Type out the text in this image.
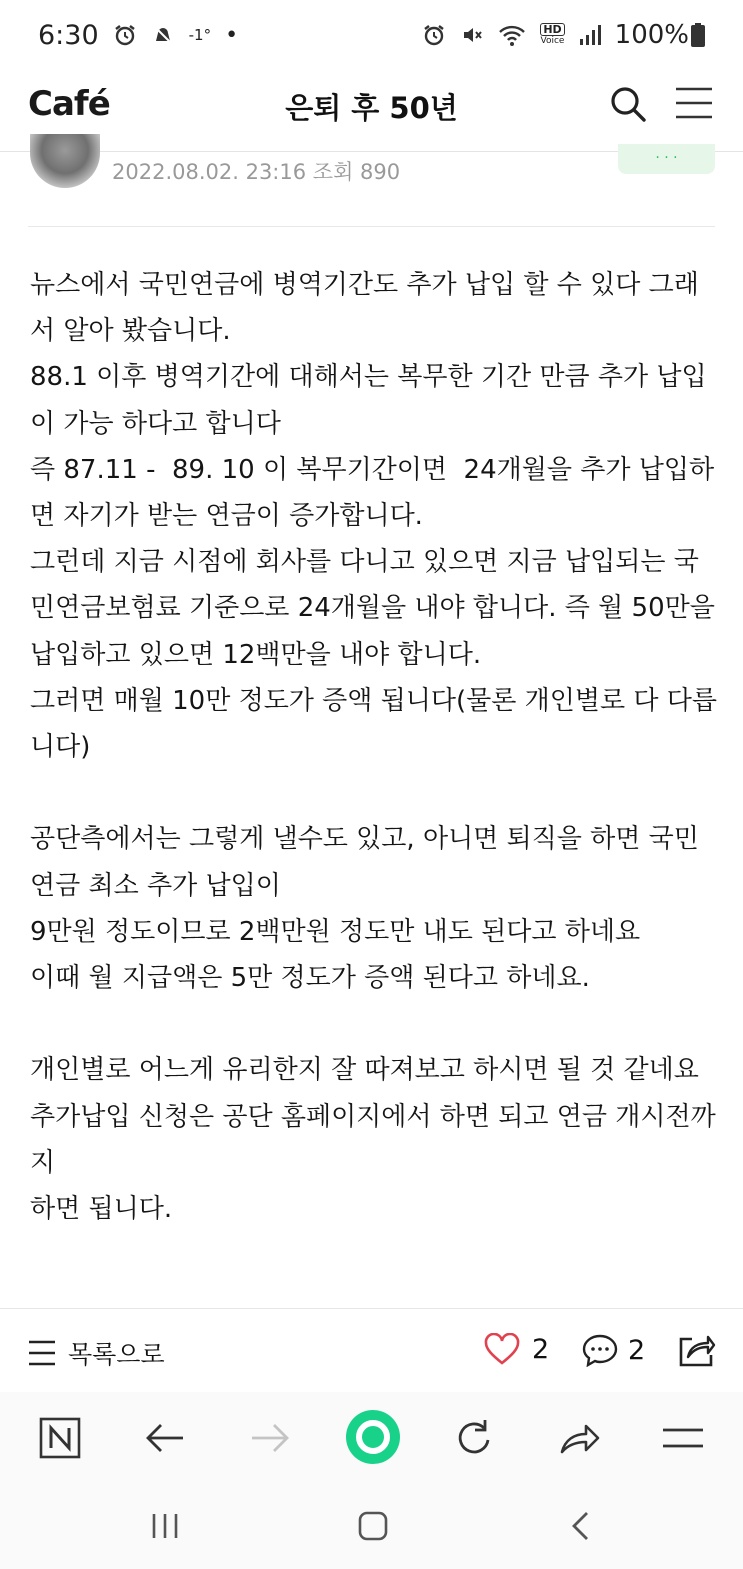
6:30	-1° •	HD
Voice 100%
Café	은퇴 후 50년
2022.08.02. 23:16 조회 890
· · ·

뉴스에서 국민연금에 병역기간도 추가 납입 할 수 있다 그래서 알아 봤습니다.
88.1 이후 병역기간에 대해서는 복무한 기간 만큼 추가 납입이 가능 하다고 합니다
즉 87.11 -  89. 10 이 복무기간이면  24개월을 추가 납입하면 자기가 받는 연금이 증가합니다.
그런데 지금 시점에 회사를 다니고 있으면 지금 납입되는 국민연금보험료 기준으로 24개월을 내야 합니다. 즉 월 50만을 납입하고 있으면 12백만을 내야 합니다.
그러면 매월 10만 정도가 증액 됩니다(물론 개인별로 다 다릅니다)

공단측에서는 그렇게 낼수도 있고, 아니면 퇴직을 하면 국민연금 최소 추가 납입이
9만원 정도이므로 2백만원 정도만 내도 된다고 하네요
이때 월 지급액은 5만 정도가 증액 된다고 하네요.

개인별로 어느게 유리한지 잘 따져보고 하시면 될 것 같네요
추가납입 신청은 공단 홈페이지에서 하면 되고 연금 개시전까지
하면 됩니다.

목록으로	2	2
